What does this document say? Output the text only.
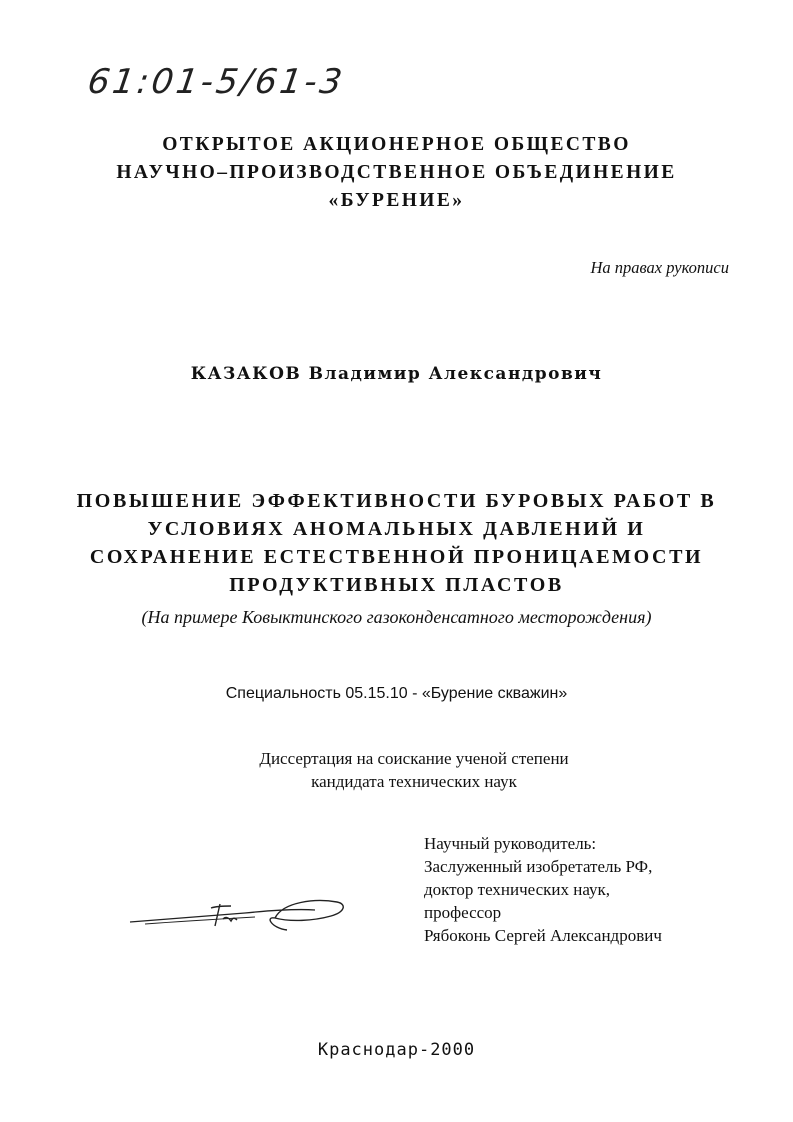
61:01-5/61-3
ОТКРЫТОЕ АКЦИОНЕРНОЕ ОБЩЕСТВО
НАУЧНО–ПРОИЗВОДСТВЕННОЕ ОБЪЕДИНЕНИЕ
«БУРЕНИЕ»
На правах рукописи
КАЗАКОВ Владимир Александрович
ПОВЫШЕНИЕ ЭФФЕКТИВНОСТИ БУРОВЫХ РАБОТ В
УСЛОВИЯХ АНОМАЛЬНЫХ ДАВЛЕНИЙ И
СОХРАНЕНИЕ ЕСТЕСТВЕННОЙ ПРОНИЦАЕМОСТИ
ПРОДУКТИВНЫХ ПЛАСТОВ
(На примере Ковыктинского газоконденсатного месторождения)
Специальность 05.15.10 - «Бурение скважин»
Диссертация на соискание ученой степени
кандидата технических наук
Научный руководитель:
Заслуженный изобретатель РФ,
доктор технических наук,
профессор
Рябоконь Сергей Александрович
Краснодар-2000
